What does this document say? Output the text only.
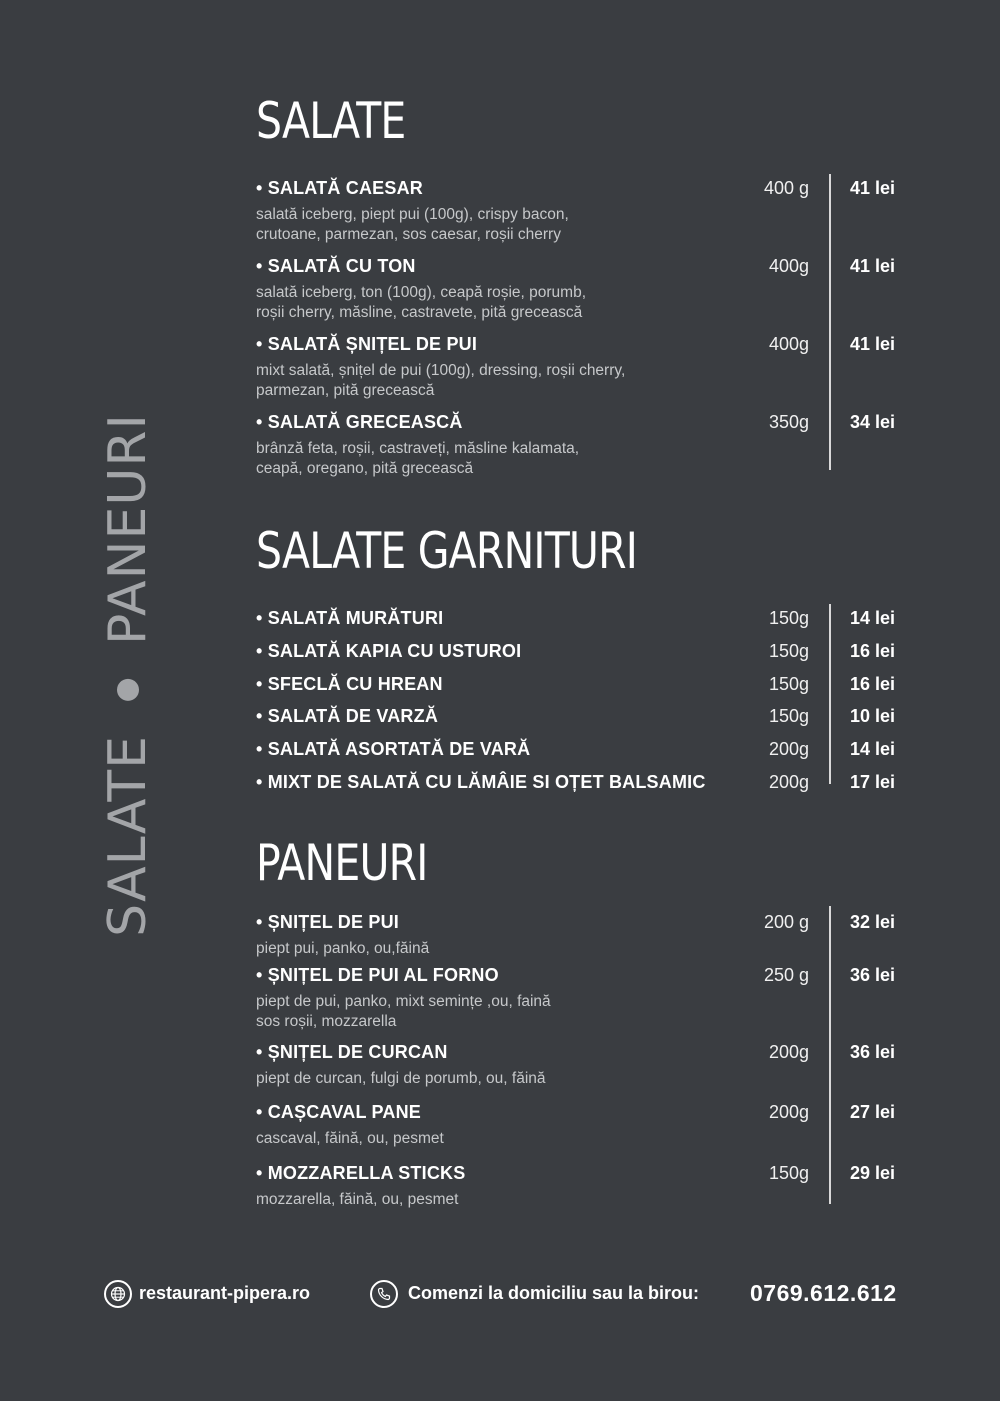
SALATE
PANEURI
SALATE
• SALATĂ CAESAR	400 g 41 lei
salată iceberg, piept pui (100g), crispy bacon,
crutoane, parmezan, sos caesar, roșii cherry
• SALATĂ CU TON	400g 41 lei
salată iceberg, ton (100g), ceapă roșie, porumb,
roșii cherry, măsline, castravete, pită grecească
• SALATĂ ȘNIȚEL DE PUI	400g 41 lei
mixt salată, șnițel de pui (100g), dressing, roșii cherry,
parmezan, pită grecească
• SALATĂ GRECEASCĂ	350g 34 lei
brânză feta, roșii, castraveți, măsline kalamata,
ceapă, oregano, pită grecească
SALATE GARNITURI
• SALATĂ MURĂTURI	150g 14 lei
• SALATĂ KAPIA CU USTUROI	150g 16 lei
• SFECLĂ CU HREAN	150g 16 lei
• SALATĂ DE VARZĂ	150g 10 lei
• SALATĂ ASORTATĂ DE VARĂ	200g 14 lei
• MIXT DE SALATĂ CU LĂMÂIE SI OȚET BALSAMIC	200g 17 lei
PANEURI
• ȘNIȚEL DE PUI	200 g 32 lei
piept pui, panko, ou,făină
• ȘNIȚEL DE PUI AL FORNO	250 g 36 lei
piept de pui, panko, mixt semințe ,ou, faină
sos roșii, mozzarella
• ȘNIȚEL DE CURCAN	200g 36 lei
piept de curcan, fulgi de porumb, ou, făină
• CAȘCAVAL PANE	200g 27 lei
cascaval, făină, ou, pesmet
• MOZZARELLA STICKS	150g 29 lei
mozzarella, făină, ou, pesmet
restaurant-pipera.ro	Comenzi la domiciliu sau la birou: 0769.612.612
